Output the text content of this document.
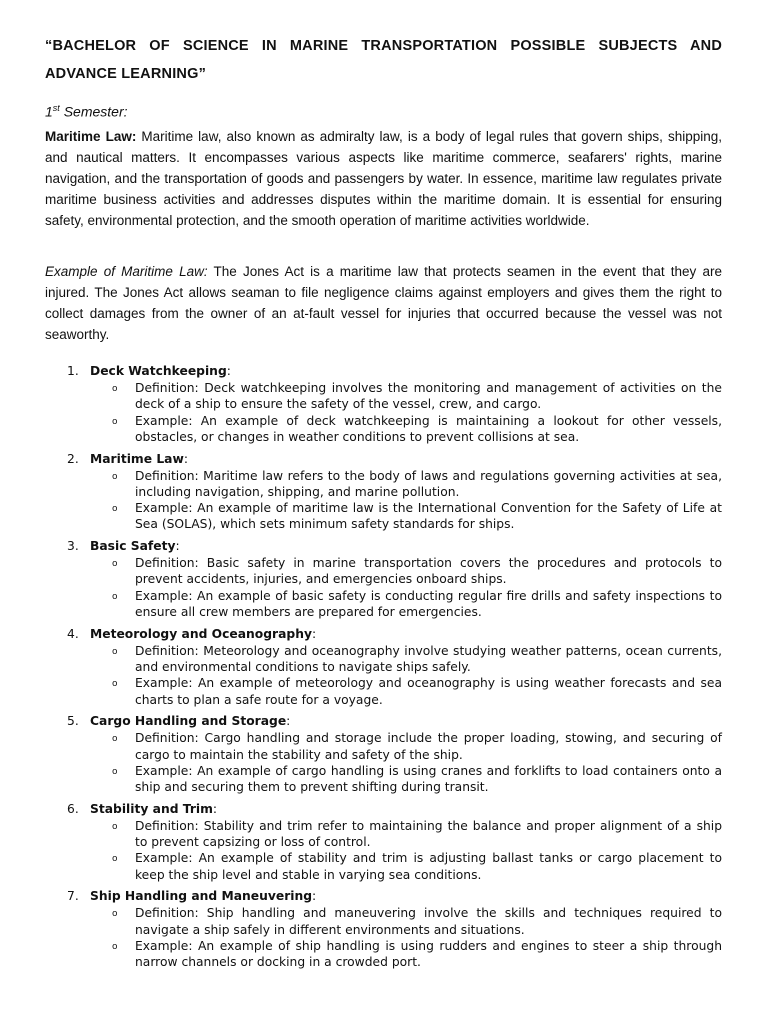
“BACHELOR OF SCIENCE IN MARINE TRANSPORTATION POSSIBLE SUBJECTS AND ADVANCE LEARNING”

1st Semester:

Maritime Law: Maritime law, also known as admiralty law, is a body of legal rules that govern ships, shipping, and nautical matters. It encompasses various aspects like maritime commerce, seafarers' rights, marine navigation, and the transportation of goods and passengers by water. In essence, maritime law regulates private maritime business activities and addresses disputes within the maritime domain. It is essential for ensuring safety, environmental protection, and the smooth operation of maritime activities worldwide.

Example of Maritime Law: The Jones Act is a maritime law that protects seamen in the event that they are injured. The Jones Act allows seaman to file negligence claims against employers and gives them the right to collect damages from the owner of an at-fault vessel for injuries that occurred because the vessel was not seaworthy.

1. Deck Watchkeeping:
o Definition: Deck watchkeeping involves the monitoring and management of activities on the deck of a ship to ensure the safety of the vessel, crew, and cargo.
o Example: An example of deck watchkeeping is maintaining a lookout for other vessels, obstacles, or changes in weather conditions to prevent collisions at sea.
2. Maritime Law:
o Definition: Maritime law refers to the body of laws and regulations governing activities at sea, including navigation, shipping, and marine pollution.
o Example: An example of maritime law is the International Convention for the Safety of Life at Sea (SOLAS), which sets minimum safety standards for ships.
3. Basic Safety:
o Definition: Basic safety in marine transportation covers the procedures and protocols to prevent accidents, injuries, and emergencies onboard ships.
o Example: An example of basic safety is conducting regular fire drills and safety inspections to ensure all crew members are prepared for emergencies.
4. Meteorology and Oceanography:
o Definition: Meteorology and oceanography involve studying weather patterns, ocean currents, and environmental conditions to navigate ships safely.
o Example: An example of meteorology and oceanography is using weather forecasts and sea charts to plan a safe route for a voyage.
5. Cargo Handling and Storage:
o Definition: Cargo handling and storage include the proper loading, stowing, and securing of cargo to maintain the stability and safety of the ship.
o Example: An example of cargo handling is using cranes and forklifts to load containers onto a ship and securing them to prevent shifting during transit.
6. Stability and Trim:
o Definition: Stability and trim refer to maintaining the balance and proper alignment of a ship to prevent capsizing or loss of control.
o Example: An example of stability and trim is adjusting ballast tanks or cargo placement to keep the ship level and stable in varying sea conditions.
7. Ship Handling and Maneuvering:
o Definition: Ship handling and maneuvering involve the skills and techniques required to navigate a ship safely in different environments and situations.
o Example: An example of ship handling is using rudders and engines to steer a ship through narrow channels or docking in a crowded port.
